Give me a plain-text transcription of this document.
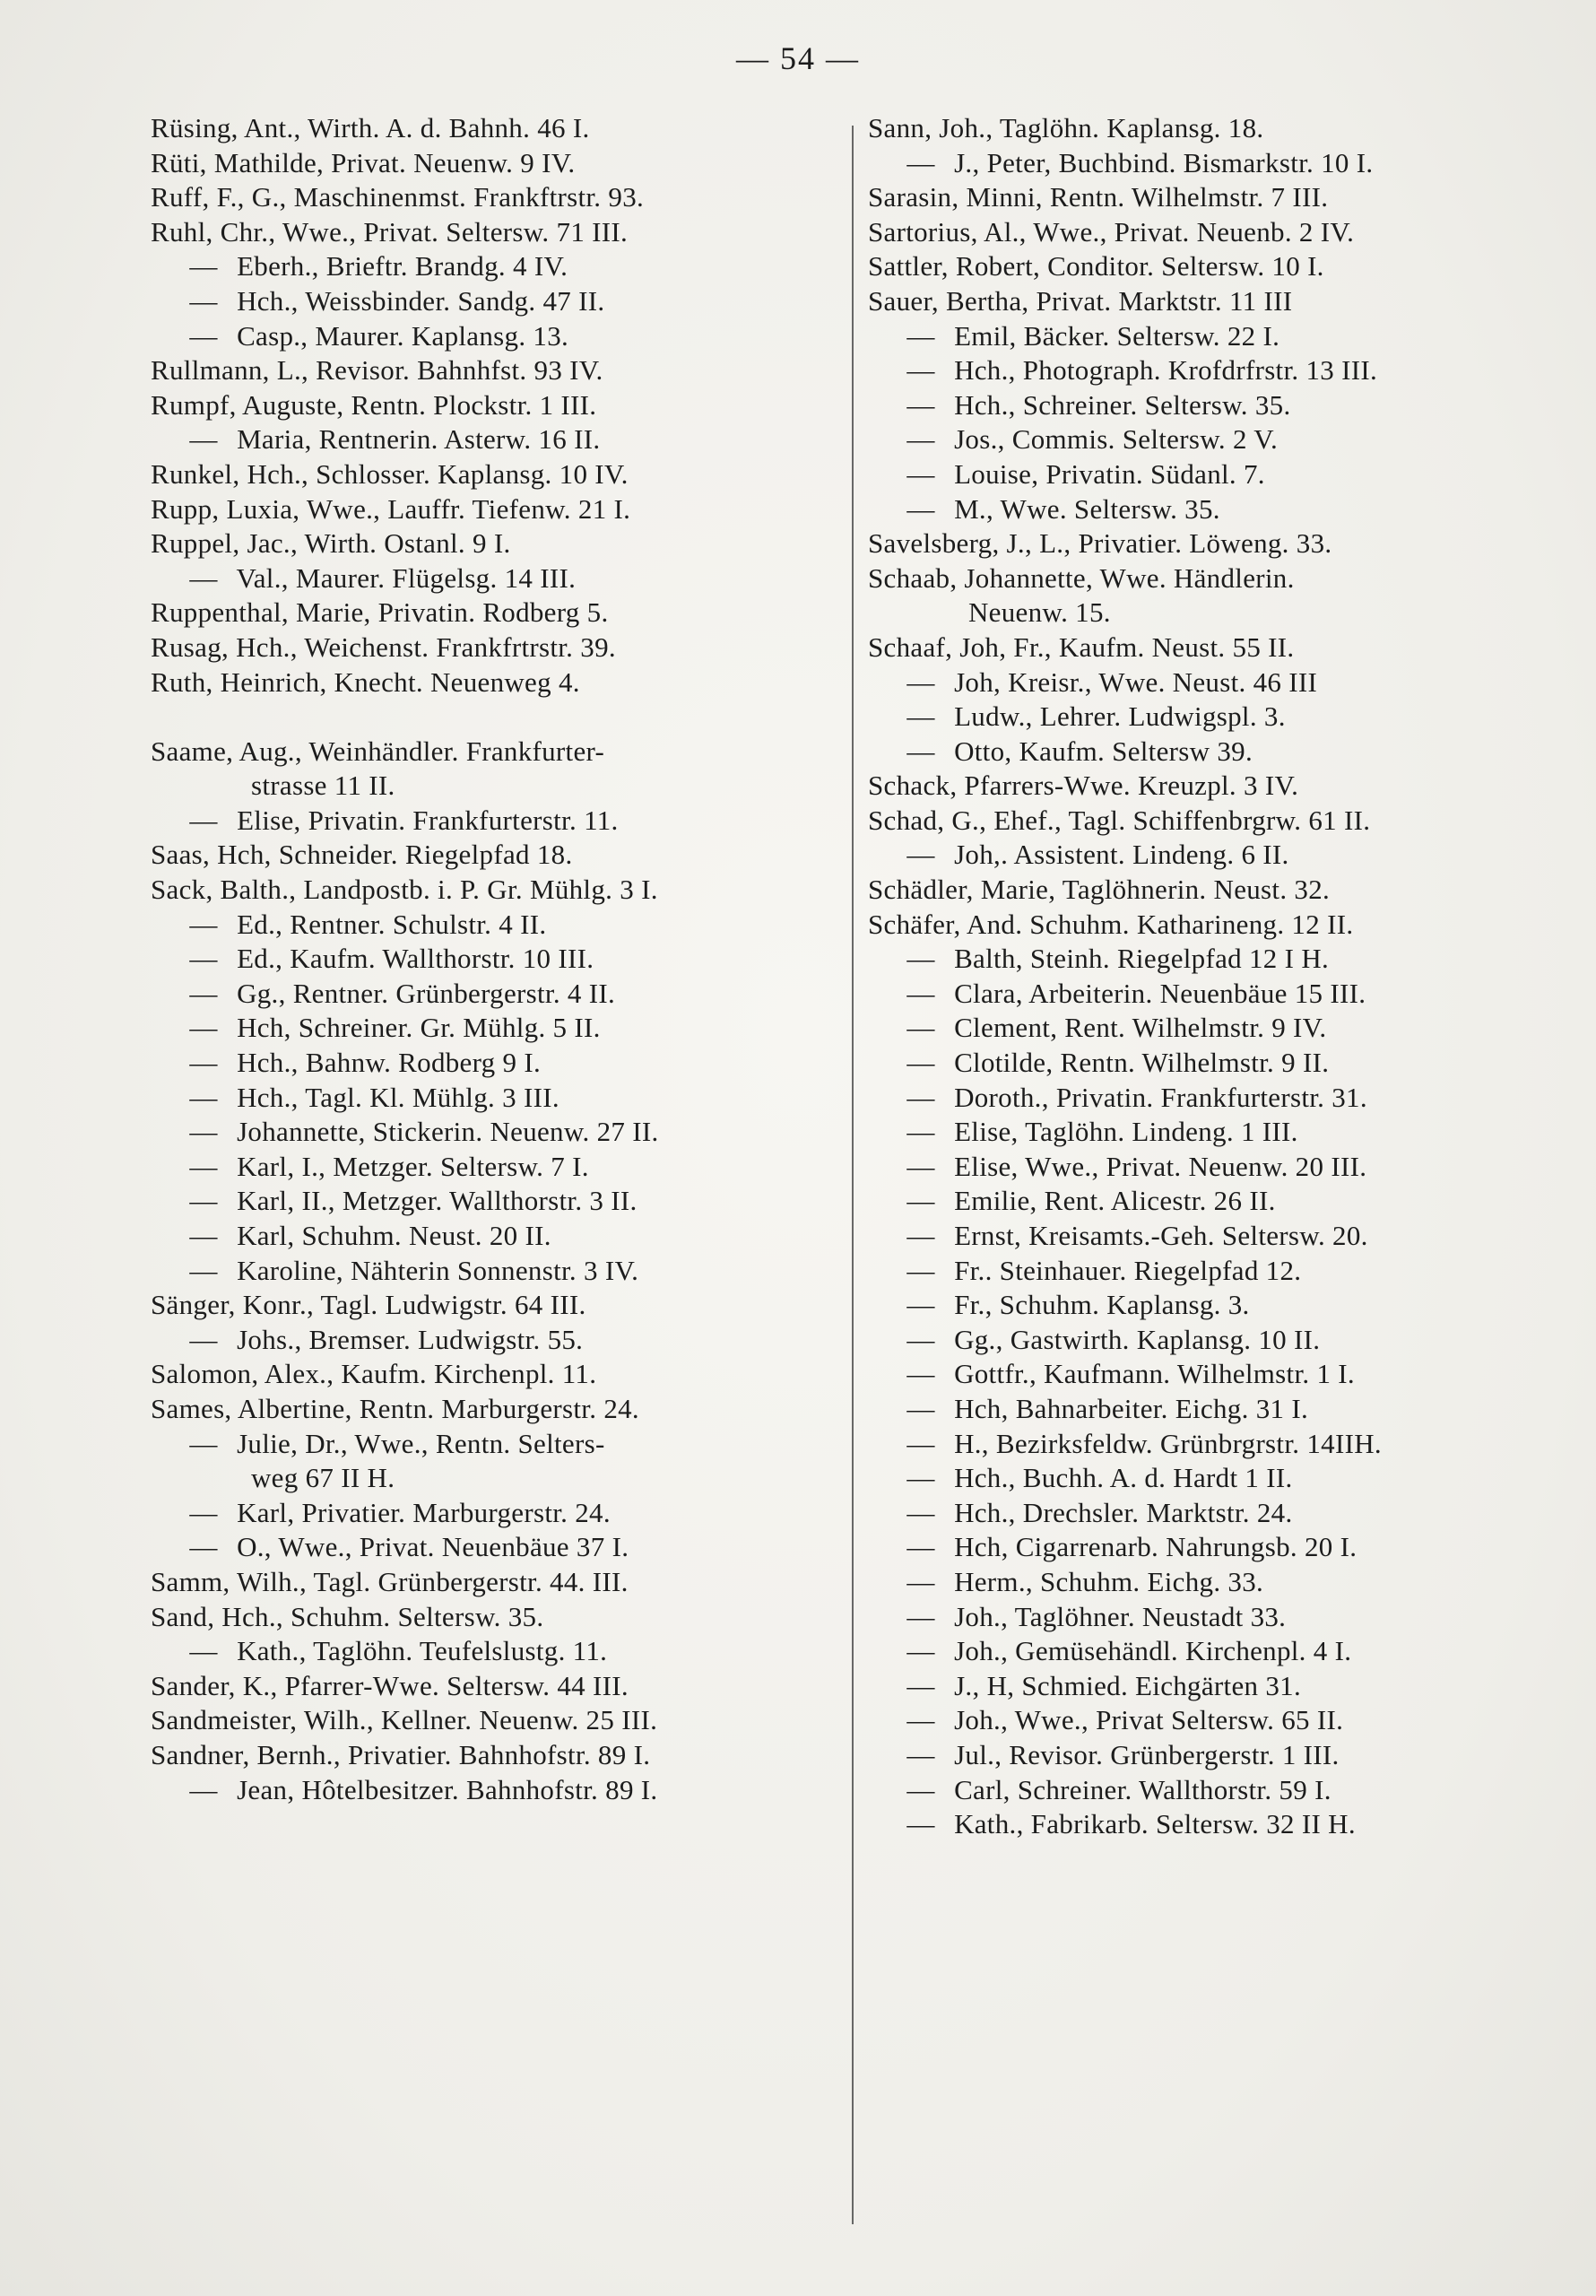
— 54 —
Rüsing, Ant., Wirth. A. d. Bahnh. 46 I.
Rüti, Mathilde, Privat. Neuenw. 9 IV.
Ruff, F., G., Maschinenmst. Frankftrstr. 93.
Ruhl, Chr., Wwe., Privat. Seltersw. 71 III.
— Eberh., Brieftr. Brandg. 4 IV.
— Hch., Weissbinder. Sandg. 47 II.
— Casp., Maurer. Kaplansg. 13.
Rullmann, L., Revisor. Bahnhfst. 93 IV.
Rumpf, Auguste, Rentn. Plockstr. 1 III.
— Maria, Rentnerin. Asterw. 16 II.
Runkel, Hch., Schlosser. Kaplansg. 10 IV.
Rupp, Luxia, Wwe., Lauffr. Tiefenw. 21 I.
Ruppel, Jac., Wirth. Ostanl. 9 I.
— Val., Maurer. Flügelsg. 14 III.
Ruppenthal, Marie, Privatin. Rodberg 5.
Rusag, Hch., Weichenst. Frankfrtrstr. 39.
Ruth, Heinrich, Knecht. Neuenweg 4.
Saame, Aug., Weinhändler. Frankfurter-
strasse 11 II.
— Elise, Privatin. Frankfurterstr. 11.
Saas, Hch, Schneider. Riegelpfad 18.
Sack, Balth., Landpostb. i. P. Gr. Mühlg. 3 I.
— Ed., Rentner. Schulstr. 4 II.
— Ed., Kaufm. Wallthorstr. 10 III.
— Gg., Rentner. Grünbergerstr. 4 II.
— Hch, Schreiner. Gr. Mühlg. 5 II.
— Hch., Bahnw. Rodberg 9 I.
— Hch., Tagl. Kl. Mühlg. 3 III.
— Johannette, Stickerin. Neuenw. 27 II.
— Karl, I., Metzger. Seltersw. 7 I.
— Karl, II., Metzger. Wallthorstr. 3 II.
— Karl, Schuhm. Neust. 20 II.
— Karoline, Nähterin Sonnenstr. 3 IV.
Sänger, Konr., Tagl. Ludwigstr. 64 III.
— Johs., Bremser. Ludwigstr. 55.
Salomon, Alex., Kaufm. Kirchenpl. 11.
Sames, Albertine, Rentn. Marburgerstr. 24.
— Julie, Dr., Wwe., Rentn. Selters-
weg 67 II H.
— Karl, Privatier. Marburgerstr. 24.
— O., Wwe., Privat. Neuenbäue 37 I.
Samm, Wilh., Tagl. Grünbergerstr. 44. III.
Sand, Hch., Schuhm. Seltersw. 35.
— Kath., Taglöhn. Teufelslustg. 11.
Sander, K., Pfarrer-Wwe. Seltersw. 44 III.
Sandmeister, Wilh., Kellner. Neuenw. 25 III.
Sandner, Bernh., Privatier. Bahnhofstr. 89 I.
— Jean, Hôtelbesitzer. Bahnhofstr. 89 I.
Sann, Joh., Taglöhn. Kaplansg. 18.
— J., Peter, Buchbind. Bismarkstr. 10 I.
Sarasin, Minni, Rentn. Wilhelmstr. 7 III.
Sartorius, Al., Wwe., Privat. Neuenb. 2 IV.
Sattler, Robert, Conditor. Seltersw. 10 I.
Sauer, Bertha, Privat. Marktstr. 11 III
— Emil, Bäcker. Seltersw. 22 I.
— Hch., Photograph. Krofdrfrstr. 13 III.
— Hch., Schreiner. Seltersw. 35.
— Jos., Commis. Seltersw. 2 V.
— Louise, Privatin. Südanl. 7.
— M., Wwe. Seltersw. 35.
Savelsberg, J., L., Privatier. Löweng. 33.
Schaab, Johannette, Wwe. Händlerin.
Neuenw. 15.
Schaaf, Joh, Fr., Kaufm. Neust. 55 II.
— Joh, Kreisr., Wwe. Neust. 46 III
— Ludw., Lehrer. Ludwigspl. 3.
— Otto, Kaufm. Seltersw 39.
Schack, Pfarrers-Wwe. Kreuzpl. 3 IV.
Schad, G., Ehef., Tagl. Schiffenbrgrw. 61 II.
— Joh,. Assistent. Lindeng. 6 II.
Schädler, Marie, Taglöhnerin. Neust. 32.
Schäfer, And. Schuhm. Katharineng. 12 II.
— Balth, Steinh. Riegelpfad 12 I H.
— Clara, Arbeiterin. Neuenbäue 15 III.
— Clement, Rent. Wilhelmstr. 9 IV.
— Clotilde, Rentn. Wilhelmstr. 9 II.
— Doroth., Privatin. Frankfurterstr. 31.
— Elise, Taglöhn. Lindeng. 1 III.
— Elise, Wwe., Privat. Neuenw. 20 III.
— Emilie, Rent. Alicestr. 26 II.
— Ernst, Kreisamts.-Geh. Seltersw. 20.
— Fr.. Steinhauer. Riegelpfad 12.
— Fr., Schuhm. Kaplansg. 3.
— Gg., Gastwirth. Kaplansg. 10 II.
— Gottfr., Kaufmann. Wilhelmstr. 1 I.
— Hch, Bahnarbeiter. Eichg. 31 I.
— H., Bezirksfeldw. Grünbrgrstr. 14IIH.
— Hch., Buchh. A. d. Hardt 1 II.
— Hch., Drechsler. Marktstr. 24.
— Hch, Cigarrenarb. Nahrungsb. 20 I.
— Herm., Schuhm. Eichg. 33.
— Joh., Taglöhner. Neustadt 33.
— Joh., Gemüsehändl. Kirchenpl. 4 I.
— J., H, Schmied. Eichgärten 31.
— Joh., Wwe., Privat Seltersw. 65 II.
— Jul., Revisor. Grünbergerstr. 1 III.
— Carl, Schreiner. Wallthorstr. 59 I.
— Kath., Fabrikarb. Seltersw. 32 II H.
